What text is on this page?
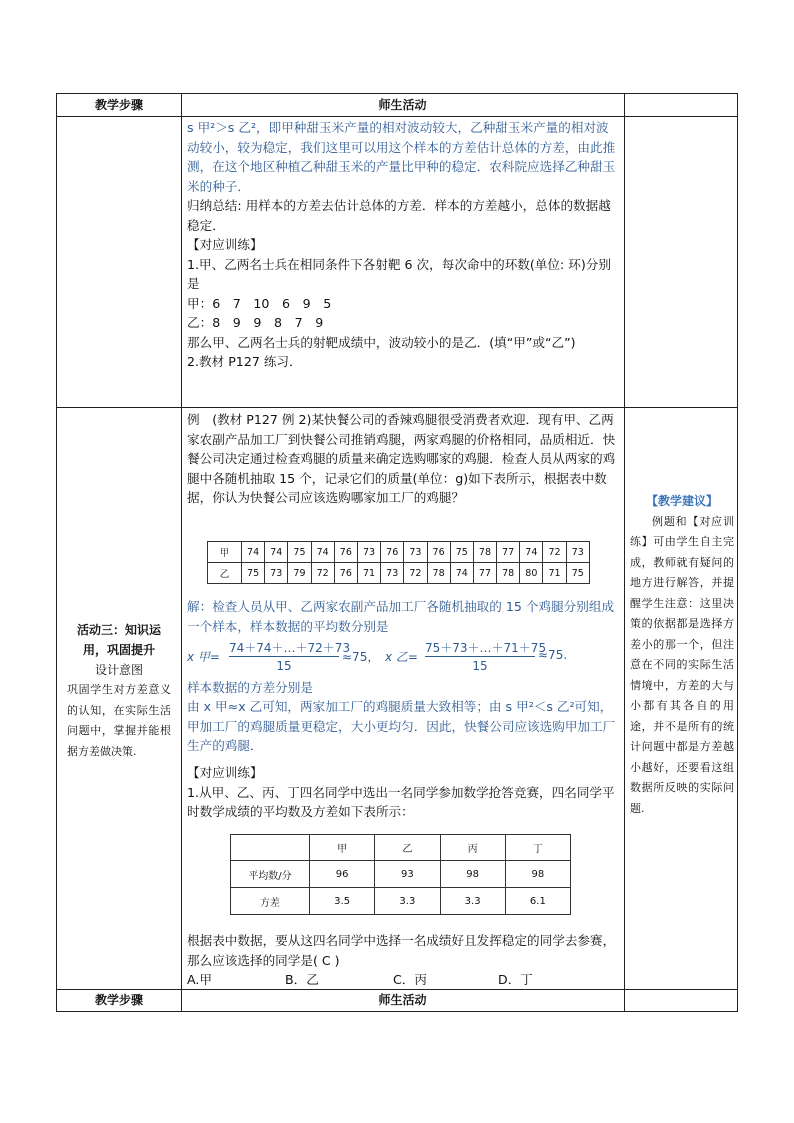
教学步骤	师生活动

s 甲²＞s 乙²，即甲种甜玉米产量的相对波动较大，乙种甜玉米产量的相对波动较小，较为稳定，我们这里可以用这个样本的方差估计总体的方差，由此推测，在这个地区种植乙种甜玉米的产量比甲种的稳定．农科院应选择乙种甜玉米的种子．

归纳总结: 用样本的方差去估计总体的方差．样本的方差越小，总体的数据越稳定．

【对应训练】

1.甲、乙两名士兵在相同条件下各射靶 6 次，每次命中的环数(单位: 环)分别是

甲：6　7　10　6　9　5

乙：8　9　9　8　7　9

那么甲、乙两名士兵的射靶成绩中，波动较小的是乙．(填“甲”或“乙”)

2.教材 P127 练习．

活动三：知识运
用，巩固提升
设计意图
巩固学生对方差意义的认知，在实际生活问题中，掌握并能根据方差做决策.
例　(教材 P127 例 2)某快餐公司的香辣鸡腿很受消费者欢迎．现有甲、乙两家农副产品加工厂到快餐公司推销鸡腿，两家鸡腿的价格相同，品质相近．快餐公司决定通过检查鸡腿的质量来确定选购哪家的鸡腿．检查人员从两家的鸡腿中各随机抽取 15 个，记录它们的质量(单位：g)如下表所示，根据表中数据，你认为快餐公司应该选购哪家加工厂的鸡腿？
甲	74	74	75	74	76	73	76	73	76	75	78	77	74	72	73
乙	75	73	79	72	76	71	73	72	78	74	77	78	80	71	75
解：检查人员从甲、乙两家农副产品加工厂各随机抽取的 15 个鸡腿分别组成一个样本，样本数据的平均数分别是
x 甲=
74＋74＋…＋72＋73
15
≈75， x 乙=
75＋73＋…＋71＋75
15
≈75.
样本数据的方差分别是
由 x 甲≈x 乙可知，两家加工厂的鸡腿质量大致相等；由 s 甲²＜s 乙²可知，甲加工厂的鸡腿质量更稳定，大小更均匀．因此，快餐公司应该选购甲加工厂生产的鸡腿．

【对应训练】

1.从甲、乙、丙、丁四名同学中选出一名同学参加数学抢答竞赛，四名同学平时数学成绩的平均数及方差如下表所示：

	甲	乙	丙	丁
平均数/分	96	93	98	98
方差	3.5	3.3	3.3	6.1
根据表中数据，要从这四名同学中选择一名成绩好且发挥稳定的同学去参赛，那么应该选择的同学是( C )
A.甲	B．乙	C．丙	D．丁
【教学建议】
例题和【对应训练】可由学生自主完成，教师就有疑问的地方进行解答，并提醒学生注意：这里决策的依据都是选择方差小的那一个，但注意在不同的实际生活情境中，方差的大与小都有其各自的用途，并不是所有的统计问题中都是方差越小越好，还要看这组数据所反映的实际问题.
教学步骤	师生活动
